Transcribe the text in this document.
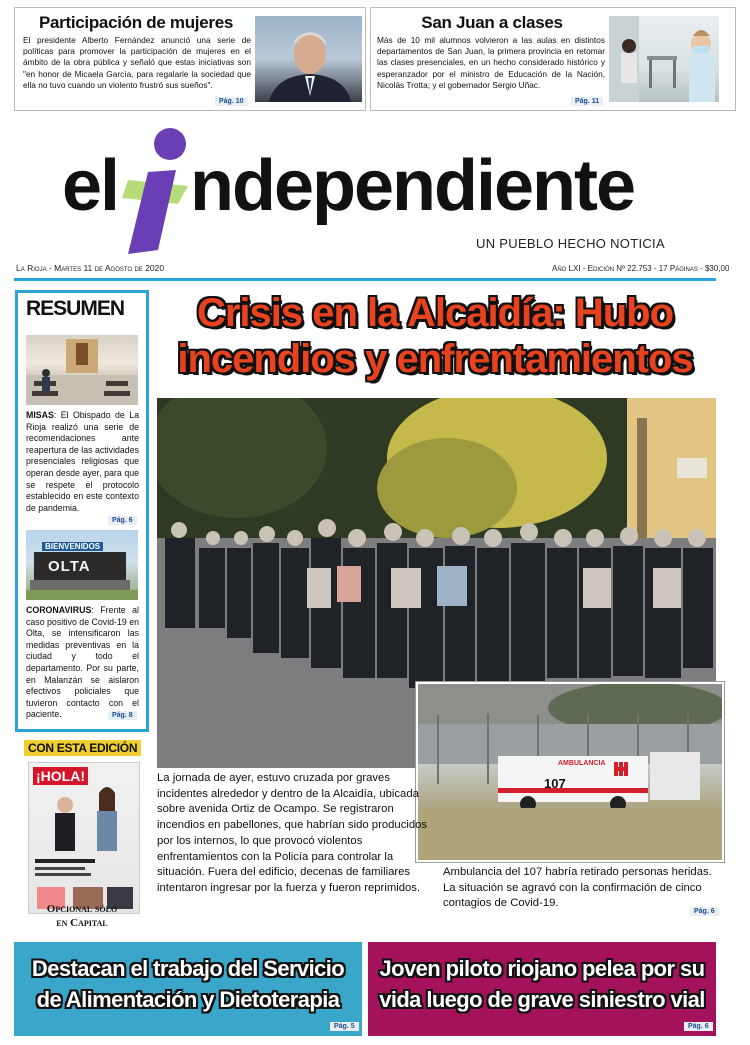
Participación de mujeres

El presidente Alberto Fernández anunció una serie de políticas para promover la participación de mujeres en el ámbito de la obra pública y señaló que estas iniciativas son "en honor de Micaela García, para regalarle la sociedad que ella no tuvo cuando un violento frustró sus sueños".

Pág. 10
San Juan a clases

Más de 10 mil alumnos volvieron a las aulas en distintos departamentos de San Juan, la primera provincia en retomar las clases presenciales, en un hecho considerado histórico y esperanzador por el ministro de Educación de la Nación, Nicolás Trotta; y el gobernador Sergio Uñac.

Pág. 11
el ndependiente
UN PUEBLO HECHO NOTICIA
La Rioja - Martes 11 de Agosto de 2020	Año LXI - Edición Nº 22.753 - 17 Páginas - $30,00
RESUMEN
MISAS: El Obispado de La Rioja realizó una serie de recomendaciones ante reapertura de las actividades presenciales religiosas que operan desde ayer, para que se respete el protocolo establecido en este contexto de pandemia.
Pág. 6
BIENVENIDOS
OLTA
CORONAVIRUS: Frente al caso positivo de Covid-19 en Olta, se intensificaron las medidas preventivas en la ciudad y todo el departamento. Por su parte, en Malanzán se aislaron efectivos policiales que tuvieron contacto con el paciente.	Pág. 8
CON ESTA EDICIÓN
¡HOLA!
Opcional sólo
en Capital
Crisis en la Alcaidía: Hubo
incendios y enfrentamientos
AMBULANCIA
107
La jornada de ayer, estuvo cruzada por graves incidentes alrededor y dentro de la Alcaidía, ubicada sobre avenida Ortiz de Ocampo. Se registraron incendios en pabellones, que habrían sido producidos por los internos, lo que provocó violentos enfrentamientos con la Policía para controlar la situación. Fuera del edificio, decenas de familiares intentaron ingresar por la fuerza y fueron reprimidos.
Ambulancia del 107 habría retirado personas heridas. La situación se agravó con la confirmación de cinco contagios de Covid-19.
Pág. 6
Destacan el trabajo del Servicio
de Alimentación y Dietoterapia
Pág. 5
Joven piloto riojano pelea por su
vida luego de grave siniestro vial
Pág. 6
